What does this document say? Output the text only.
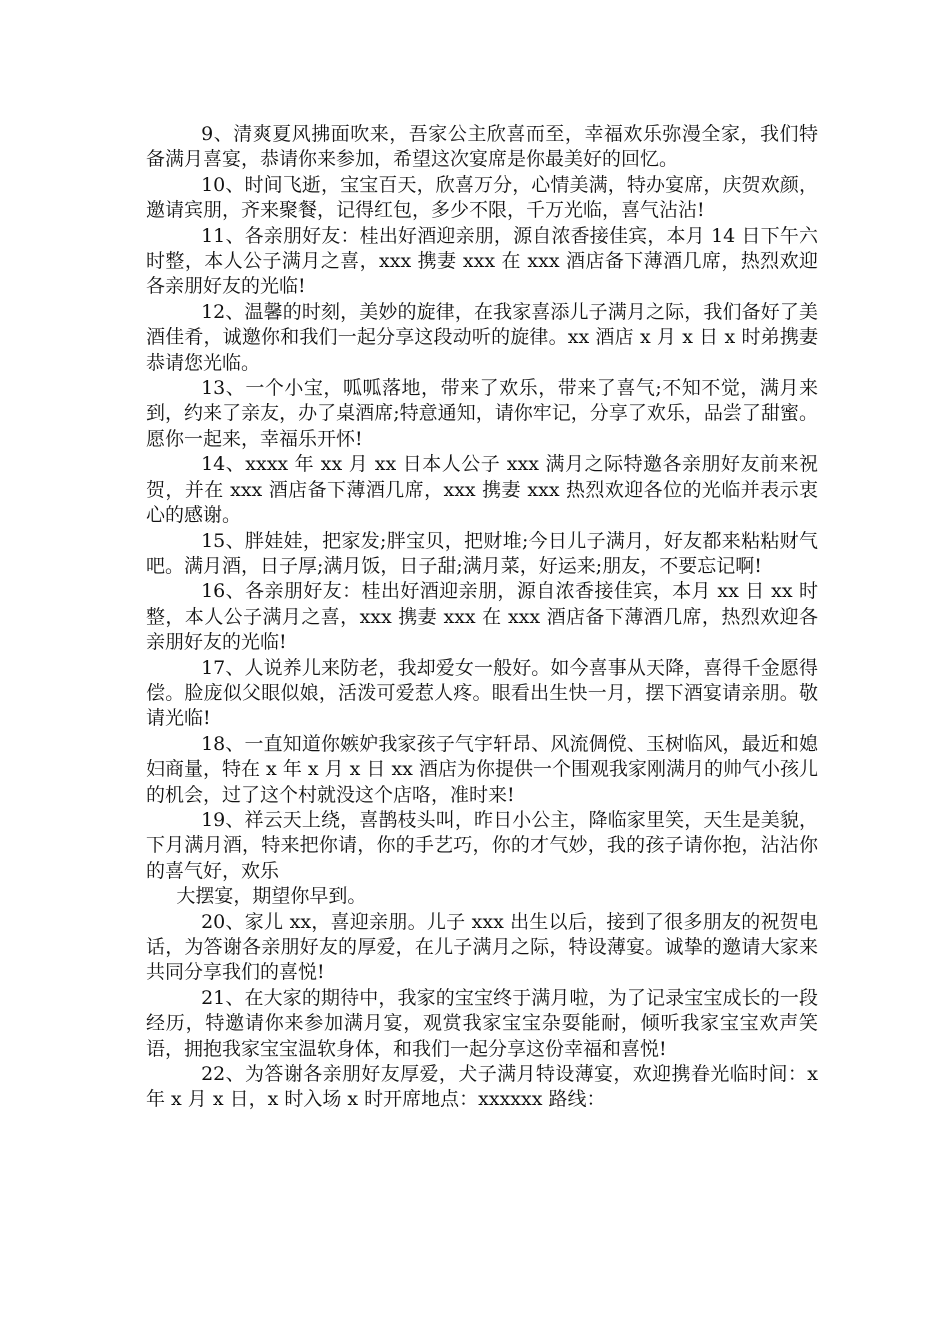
9、清爽夏风拂面吹来，吾家公主欣喜而至，幸福欢乐弥漫全家，我们特备满月喜宴，恭请你来参加，希望这次宴席是你最美好的回忆。

10、时间飞逝，宝宝百天，欣喜万分，心情美满，特办宴席，庆贺欢颜，邀请宾朋，齐来聚餐，记得红包，多少不限，千万光临，喜气沾沾!

11、各亲朋好友：桂出好酒迎亲朋，源自浓香接佳宾，本月 14 日下午六时整，本人公子满月之喜，xxx 携妻 xxx 在 xxx 酒店备下薄酒几席，热烈欢迎各亲朋好友的光临!

12、温馨的时刻，美妙的旋律，在我家喜添儿子满月之际，我们备好了美酒佳肴，诚邀你和我们一起分享这段动听的旋律。xx 酒店 x 月 x 日 x 时弟携妻恭请您光临。

13、一个小宝，呱呱落地，带来了欢乐，带来了喜气;不知不觉，满月来到，约来了亲友，办了桌酒席;特意通知，请你牢记，分享了欢乐，品尝了甜蜜。愿你一起来，幸福乐开怀!

14、xxxx 年 xx 月 xx 日本人公子 xxx 满月之际特邀各亲朋好友前来祝贺，并在 xxx 酒店备下薄酒几席，xxx 携妻 xxx 热烈欢迎各位的光临并表示衷心的感谢。

15、胖娃娃，把家发;胖宝贝，把财堆;今日儿子满月，好友都来粘粘财气吧。满月酒，日子厚;满月饭，日子甜;满月菜，好运来;朋友，不要忘记啊!

16、各亲朋好友：桂出好酒迎亲朋，源自浓香接佳宾，本月 xx 日 xx 时整，本人公子满月之喜，xxx 携妻 xxx 在 xxx 酒店备下薄酒几席，热烈欢迎各亲朋好友的光临!

17、人说养儿来防老，我却爱女一般好。如今喜事从天降，喜得千金愿得偿。脸庞似父眼似娘，活泼可爱惹人疼。眼看出生快一月，摆下酒宴请亲朋。敬请光临!

18、一直知道你嫉妒我家孩子气宇轩昂、风流倜傥、玉树临风，最近和媳妇商量，特在 x 年 x 月 x 日 xx 酒店为你提供一个围观我家刚满月的帅气小孩儿的机会，过了这个村就没这个店咯，准时来!

19、祥云天上绕，喜鹊枝头叫，昨日小公主，降临家里笑，天生是美貌，下月满月酒，特来把你请，你的手艺巧，你的才气妙，我的孩子请你抱，沾沾你的喜气好，欢乐

大摆宴，期望你早到。

20、家儿 xx，喜迎亲朋。儿子 xxx 出生以后，接到了很多朋友的祝贺电话，为答谢各亲朋好友的厚爱，在儿子满月之际，特设薄宴。诚挚的邀请大家来共同分享我们的喜悦!

21、在大家的期待中，我家的宝宝终于满月啦，为了记录宝宝成长的一段经历，特邀请你来参加满月宴，观赏我家宝宝杂耍能耐，倾听我家宝宝欢声笑语，拥抱我家宝宝温软身体，和我们一起分享这份幸福和喜悦!

22、为答谢各亲朋好友厚爱，犬子满月特设薄宴，欢迎携眷光临时间：x 年 x 月 x 日，x 时入场 x 时开席地点：xxxxxx 路线：
